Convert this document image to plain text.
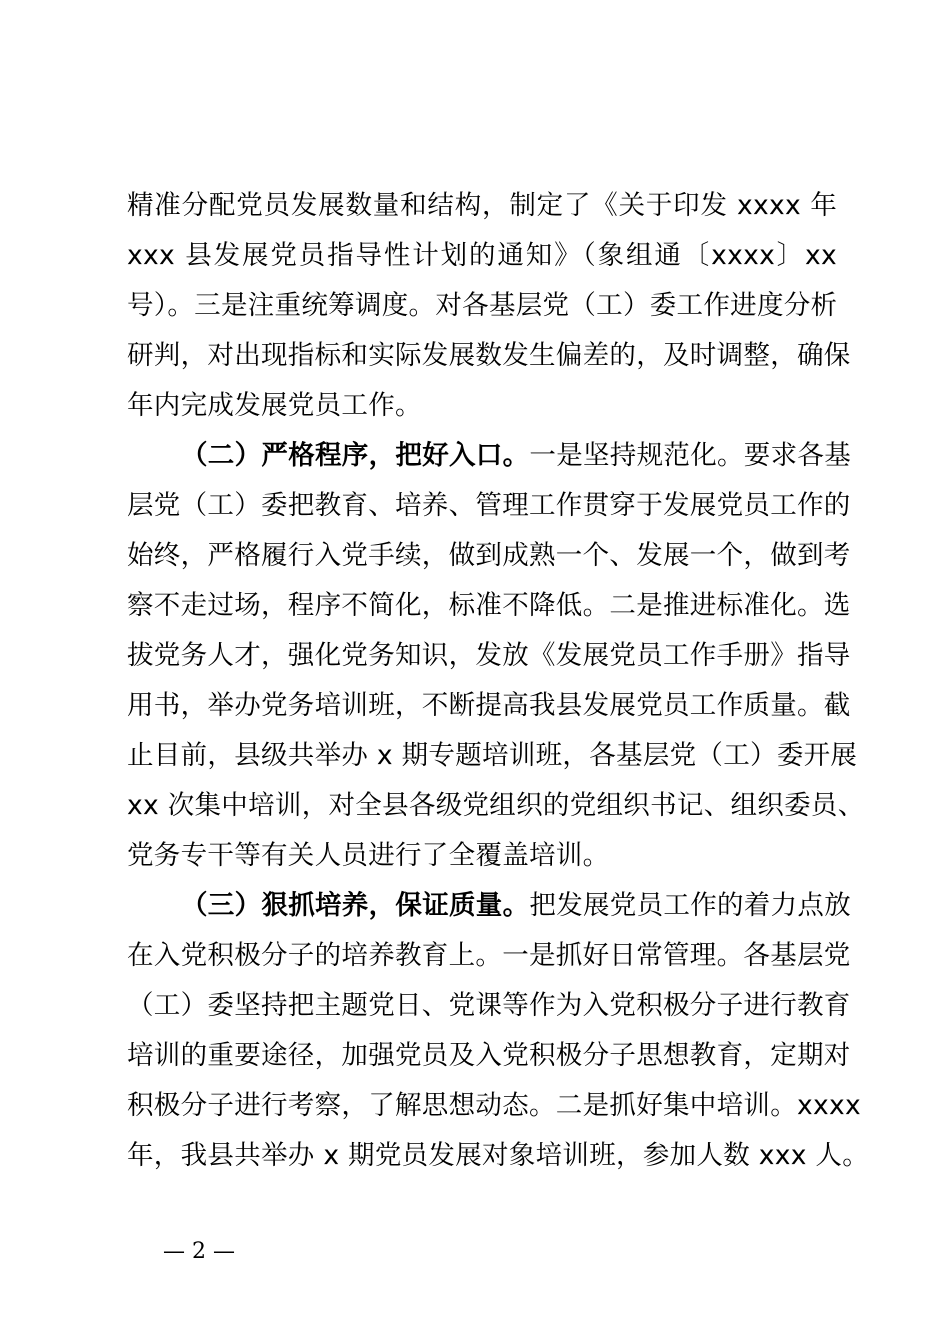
精准分配党员发展数量和结构，制定了《关于印发 xxxx 年
xxx 县发展党员指导性计划的通知》（象组通〔xxxx〕xx
号）。三是注重统筹调度。对各基层党（工）委工作进度分析
研判，对出现指标和实际发展数发生偏差的，及时调整，确保
年内完成发展党员工作。
（二）严格程序，把好入口。一是坚持规范化。要求各基
层党（工）委把教育、培养、管理工作贯穿于发展党员工作的
始终，严格履行入党手续，做到成熟一个、发展一个，做到考
察不走过场，程序不简化，标准不降低。二是推进标准化。选
拔党务人才，强化党务知识，发放《发展党员工作手册》指导
用书，举办党务培训班，不断提高我县发展党员工作质量。截
止目前，县级共举办 x 期专题培训班，各基层党（工）委开展
xx 次集中培训，对全县各级党组织的党组织书记、组织委员、
党务专干等有关人员进行了全覆盖培训。
（三）狠抓培养，保证质量。把发展党员工作的着力点放
在入党积极分子的培养教育上。一是抓好日常管理。各基层党
（工）委坚持把主题党日、党课等作为入党积极分子进行教育
培训的重要途径，加强党员及入党积极分子思想教育，定期对
积极分子进行考察，了解思想动态。二是抓好集中培训。xxxx
年，我县共举办 x 期党员发展对象培训班，参加人数 xxx 人。
— 2 —
